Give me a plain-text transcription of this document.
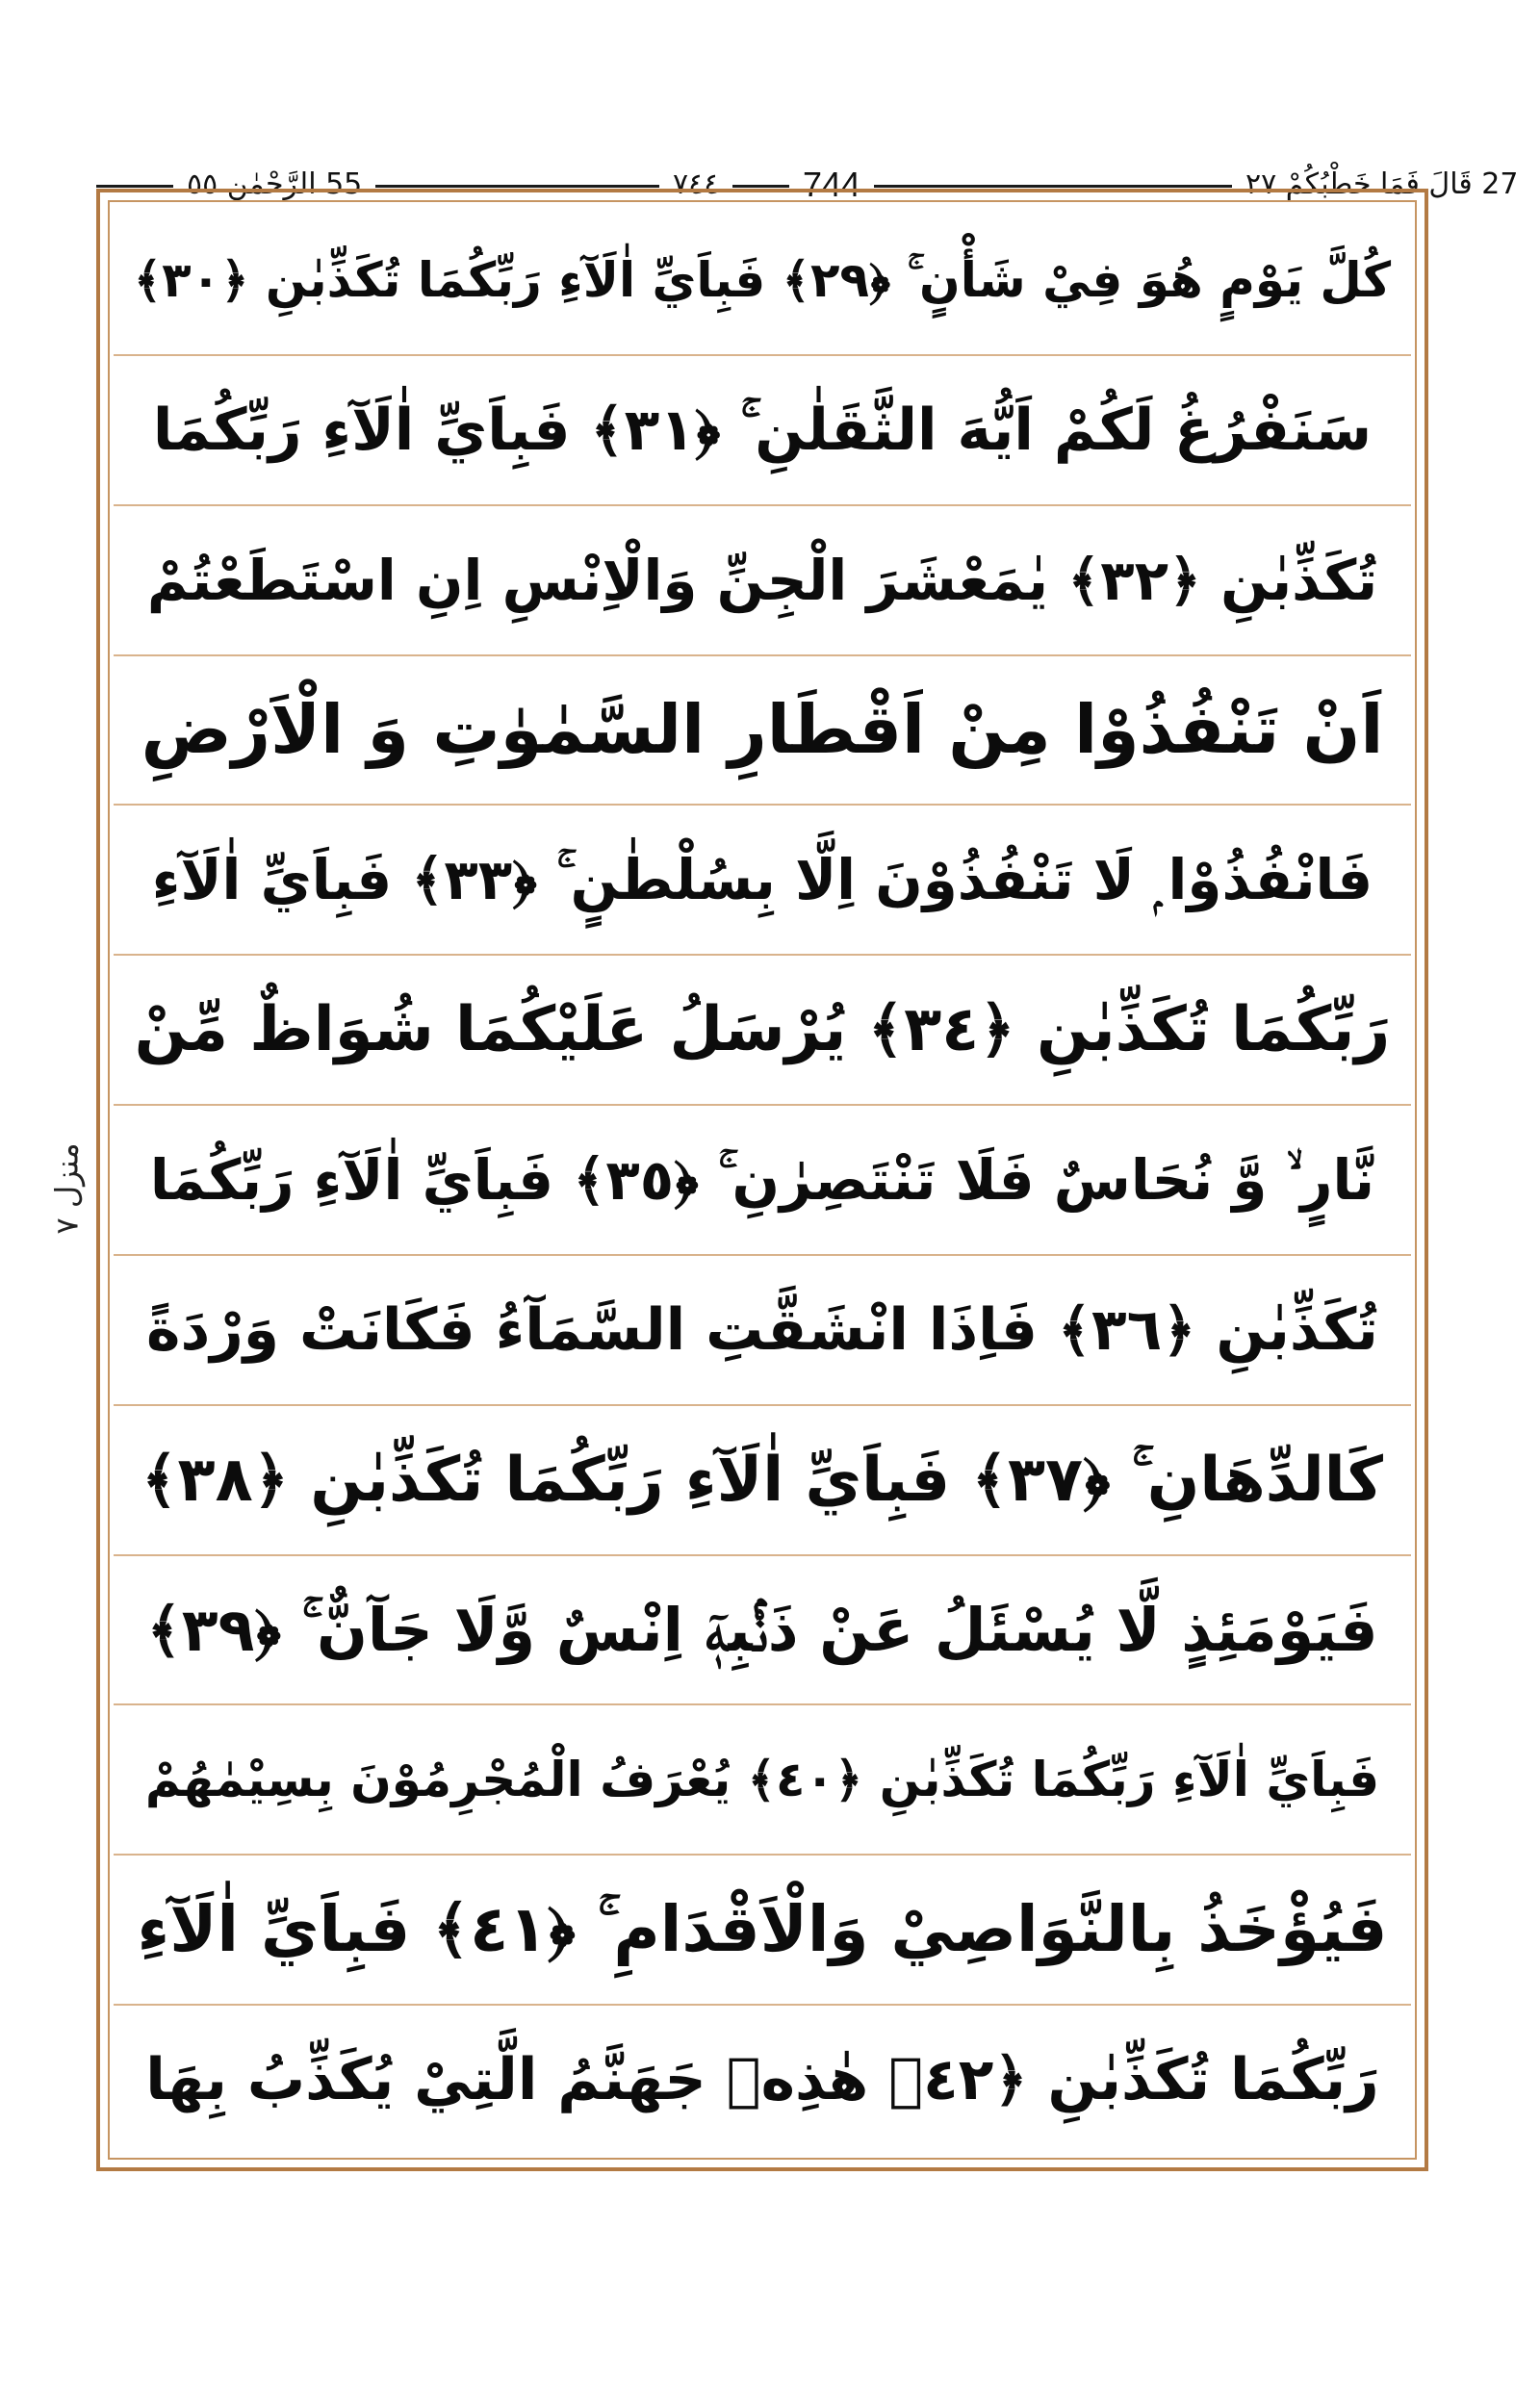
55 الرَّحْمٰن ٥٥	٧٤٤	744	27 قَالَ فَمَا خَطْبُكُمْ ٢٧
منزل ٧
كُلَّ يَوْمٍ هُوَ فِيْ شَأْنٍ ۚ ﴿٢٩﴾ فَبِاَيِّ اٰلَآءِ رَبِّكُمَا تُكَذِّبٰنِ ﴿٣٠﴾
سَنَفْرُغُ لَكُمْ اَيُّهَ الثَّقَلٰنِ ۚ ﴿٣١﴾ فَبِاَيِّ اٰلَآءِ رَبِّكُمَا
تُكَذِّبٰنِ ﴿٣٢﴾ يٰمَعْشَرَ الْجِنِّ وَالْاِنْسِ اِنِ اسْتَطَعْتُمْ
اَنْ تَنْفُذُوْا مِنْ اَقْطَارِ السَّمٰوٰتِ وَ الْاَرْضِ
فَانْفُذُوْا ۭ لَا تَنْفُذُوْنَ اِلَّا بِسُلْطٰنٍ ۚ ﴿٣٣﴾ فَبِاَيِّ اٰلَآءِ
رَبِّكُمَا تُكَذِّبٰنِ ﴿٣٤﴾ يُرْسَلُ عَلَيْكُمَا شُوَاظٌ مِّنْ
نَّارٍ ۙ وَّ نُحَاسٌ فَلَا تَنْتَصِرٰنِ ۚ ﴿٣٥﴾ فَبِاَيِّ اٰلَآءِ رَبِّكُمَا
تُكَذِّبٰنِ ﴿٣٦﴾ فَاِذَا انْشَقَّتِ السَّمَآءُ فَكَانَتْ وَرْدَةً
كَالدِّهَانِ ۚ ﴿٣٧﴾ فَبِاَيِّ اٰلَآءِ رَبِّكُمَا تُكَذِّبٰنِ ﴿٣٨﴾
فَيَوْمَئِذٍ لَّا يُسْئَلُ عَنْ ذَنْۢبِهٖٓ اِنْسٌ وَّلَا جَآنٌّ ۚ ﴿٣٩﴾
فَبِاَيِّ اٰلَآءِ رَبِّكُمَا تُكَذِّبٰنِ ﴿٤٠﴾ يُعْرَفُ الْمُجْرِمُوْنَ بِسِيْمٰهُمْ
فَيُؤْخَذُ بِالنَّوَاصِيْ وَالْاَقْدَامِ ۚ ﴿٤١﴾ فَبِاَيِّ اٰلَآءِ
رَبِّكُمَا تُكَذِّبٰنِ ﴿٤٢﴾ هٰذِهٖ جَهَنَّمُ الَّتِيْ يُكَذِّبُ بِهَا
